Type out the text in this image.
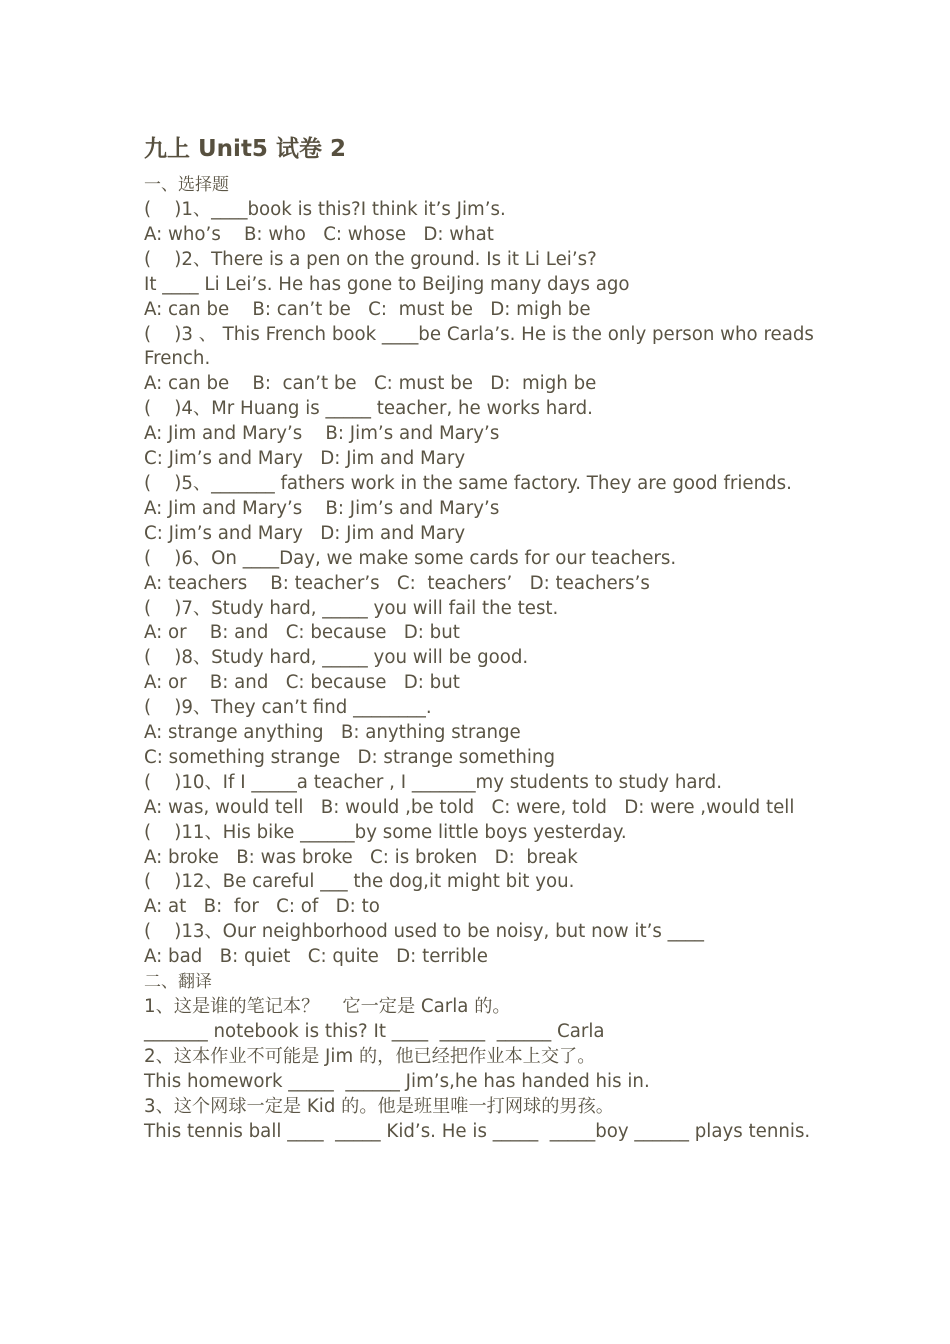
九上 Unit5 试卷 2

一、选择题

(    )1、____book is this?I think it’s Jim’s.

A: who’s    B: who   C: whose   D: what

(    )2、There is a pen on the ground. Is it Li Lei’s?

It ____ Li Lei’s. He has gone to BeiJing many days ago

A: can be    B: can’t be   C:  must be   D: migh be

(    )3 、 This French book ____be Carla’s. He is the only person who reads French.

A: can be    B:  can’t be   C: must be   D:  migh be

(    )4、Mr Huang is _____ teacher, he works hard.

A: Jim and Mary’s    B: Jim’s and Mary’s

C: Jim’s and Mary   D: Jim and Mary

(    )5、_______ fathers work in the same factory. They are good friends.

A: Jim and Mary’s    B: Jim’s and Mary’s

C: Jim’s and Mary   D: Jim and Mary

(    )6、On ____Day, we make some cards for our teachers.

A: teachers    B: teacher’s   C:  teachers’   D: teachers’s

(    )7、Study hard, _____ you will fail the test.

A: or    B: and   C: because   D: but

(    )8、Study hard, _____ you will be good.

A: or    B: and   C: because   D: but

(    )9、They can’t find ________.

A: strange anything   B: anything strange

C: something strange   D: strange something

(    )10、If I _____a teacher , I _______my students to study hard.

A: was, would tell   B: would ,be told   C: were, told   D: were ,would tell

(    )11、His bike ______by some little boys yesterday.

A: broke   B: was broke   C: is broken   D:  break

(    )12、Be careful ___ the dog,it might bit you.

A: at   B:  for   C: of   D: to

(    )13、Our neighborhood used to be noisy, but now it’s ____

A: bad   B: quiet   C: quite   D: terrible

二、翻译

1、这是谁的笔记本？    它一定是 Carla 的。

_______ notebook is this? It ____  _____  ______ Carla

2、这本作业不可能是 Jim 的，他已经把作业本上交了。

This homework _____  ______ Jim’s,he has handed his in.

3、这个网球一定是 Kid 的。他是班里唯一打网球的男孩。

This tennis ball ____  _____ Kid’s. He is _____  _____boy ______ plays tennis.
